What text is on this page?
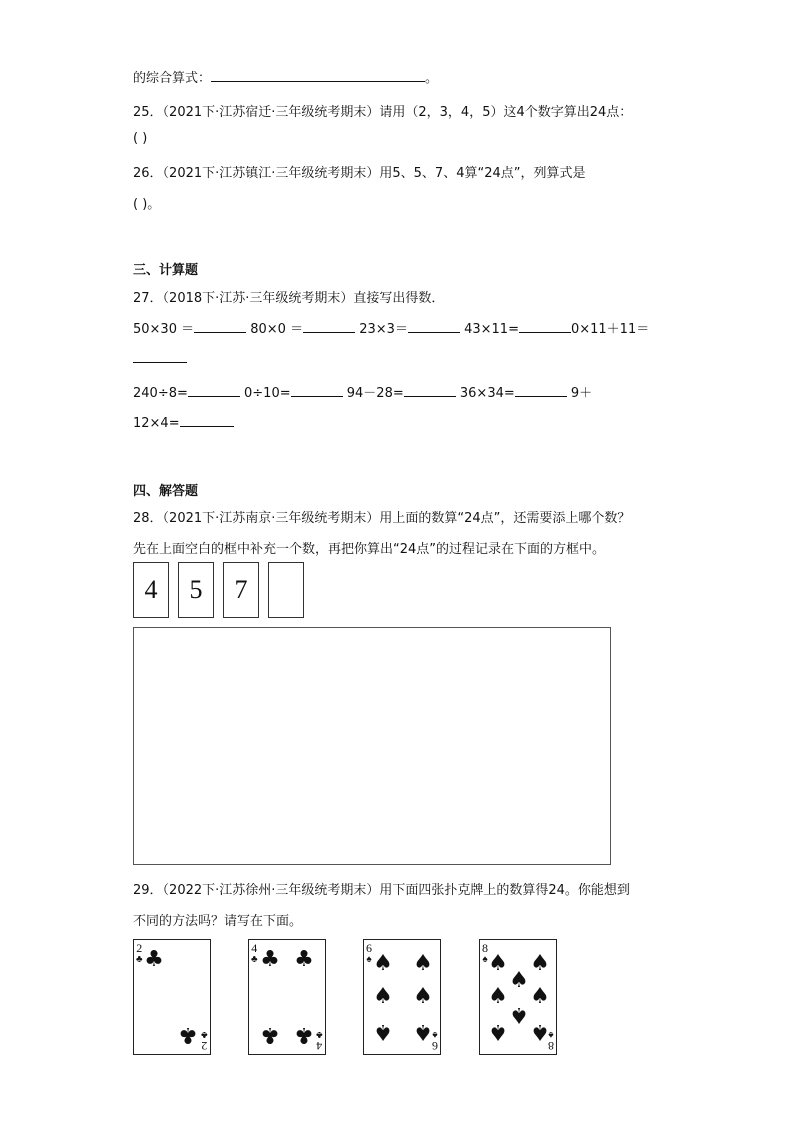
的综合算式：	。
25．（2021下·江苏宿迁·三年级统考期末）请用（2，3，4，5）这4个数字算出24点：
( )
26．（2021下·江苏镇江·三年级统考期末）用5、5、7、4算“24点”，列算式是
( )。
三、计算题
27．（2018下·江苏·三年级统考期末）直接写出得数．
50×30 ＝	80×0 ＝	23×3＝	43×11=	0×11＋11＝
240÷8=	0÷10=	94－28=	36×34=	9＋
12×4=
四、解答题
28．（2021下·江苏南京·三年级统考期末）用上面的数算“24点”，还需要添上哪个数？
先在上面空白的框中补充一个数，再把你算出“24点”的过程记录在下面的方框中。
4	5	7
29．（2022下·江苏徐州·三年级统考期末）用下面四张扑克牌上的数算得24。你能想到
不同的方法吗？请写在下面。
2
♣ ♣
♣ 2
♣
4
♣ ♣ ♣
♣ ♣ 4
♣
6
♠ ♠ ♠
♠ ♠
♠ ♠
6
♠
8
♠ ♠ ♠
♠
♠ ♠
♠
♠ ♠
8
♠
